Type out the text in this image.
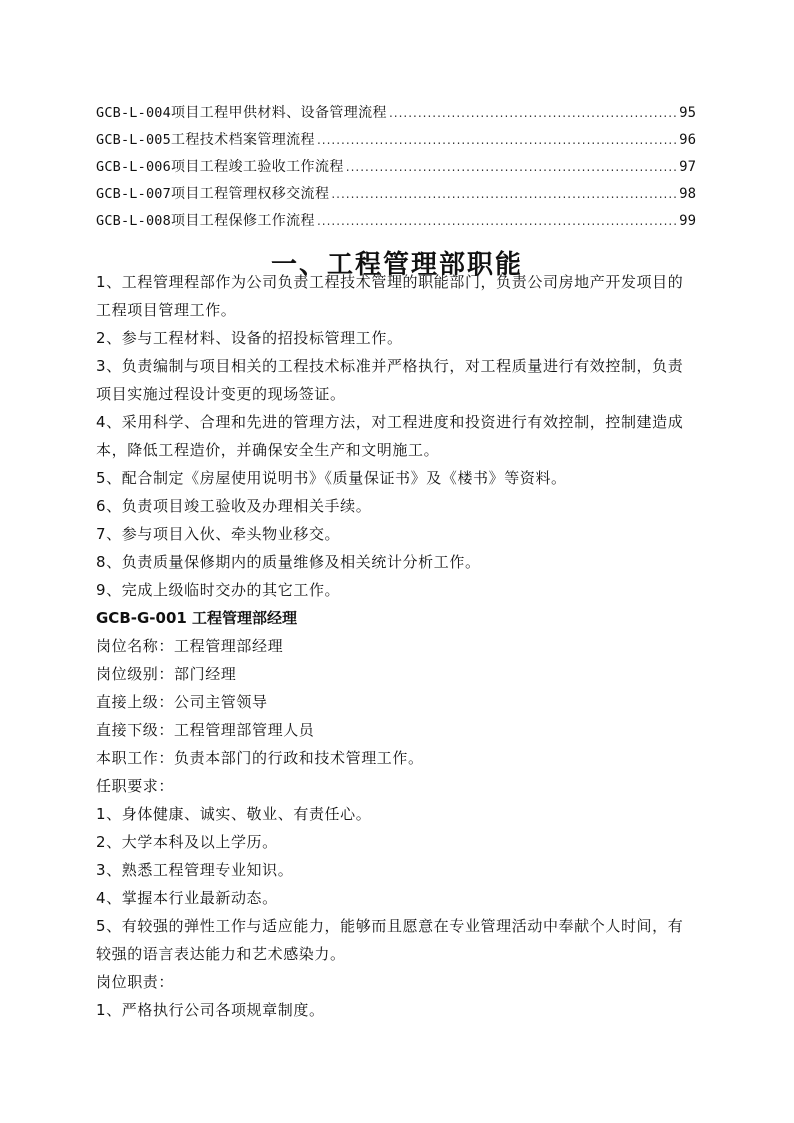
GCB-L-004 项目工程甲供材料、设备管理流程 .....	95
GCB-L-005 工程技术档案管理流程 .....	96
GCB-L-006 项目工程竣工验收工作流程 .....	97
GCB-L-007 项目工程管理权移交流程 .....	98
GCB-L-008 项目工程保修工作流程 .....	99
一、工程管理部职能

1、工程管理程部作为公司负责工程技术管理的职能部门，负责公司房地产开发项目的

工程项目管理工作。

2、参与工程材料、设备的招投标管理工作。

3、负责编制与项目相关的工程技术标准并严格执行，对工程质量进行有效控制，负责

项目实施过程设计变更的现场签证。

4、采用科学、合理和先进的管理方法，对工程进度和投资进行有效控制，控制建造成

本，降低工程造价，并确保安全生产和文明施工。

5、配合制定《房屋使用说明书》《质量保证书》及《楼书》等资料。

6、负责项目竣工验收及办理相关手续。

7、参与项目入伙、牵头物业移交。

8、负责质量保修期内的质量维修及相关统计分析工作。

9、完成上级临时交办的其它工作。

GCB-G-001 工程管理部经理

岗位名称：工程管理部经理

岗位级别：部门经理

直接上级：公司主管领导

直接下级：工程管理部管理人员

本职工作：负责本部门的行政和技术管理工作。

任职要求：

1、身体健康、诚实、敬业、有责任心。

2、大学本科及以上学历。

3、熟悉工程管理专业知识。

4、掌握本行业最新动态。

5、有较强的弹性工作与适应能力，能够而且愿意在专业管理活动中奉献个人时间，有

较强的语言表达能力和艺术感染力。

岗位职责：

1、严格执行公司各项规章制度。
